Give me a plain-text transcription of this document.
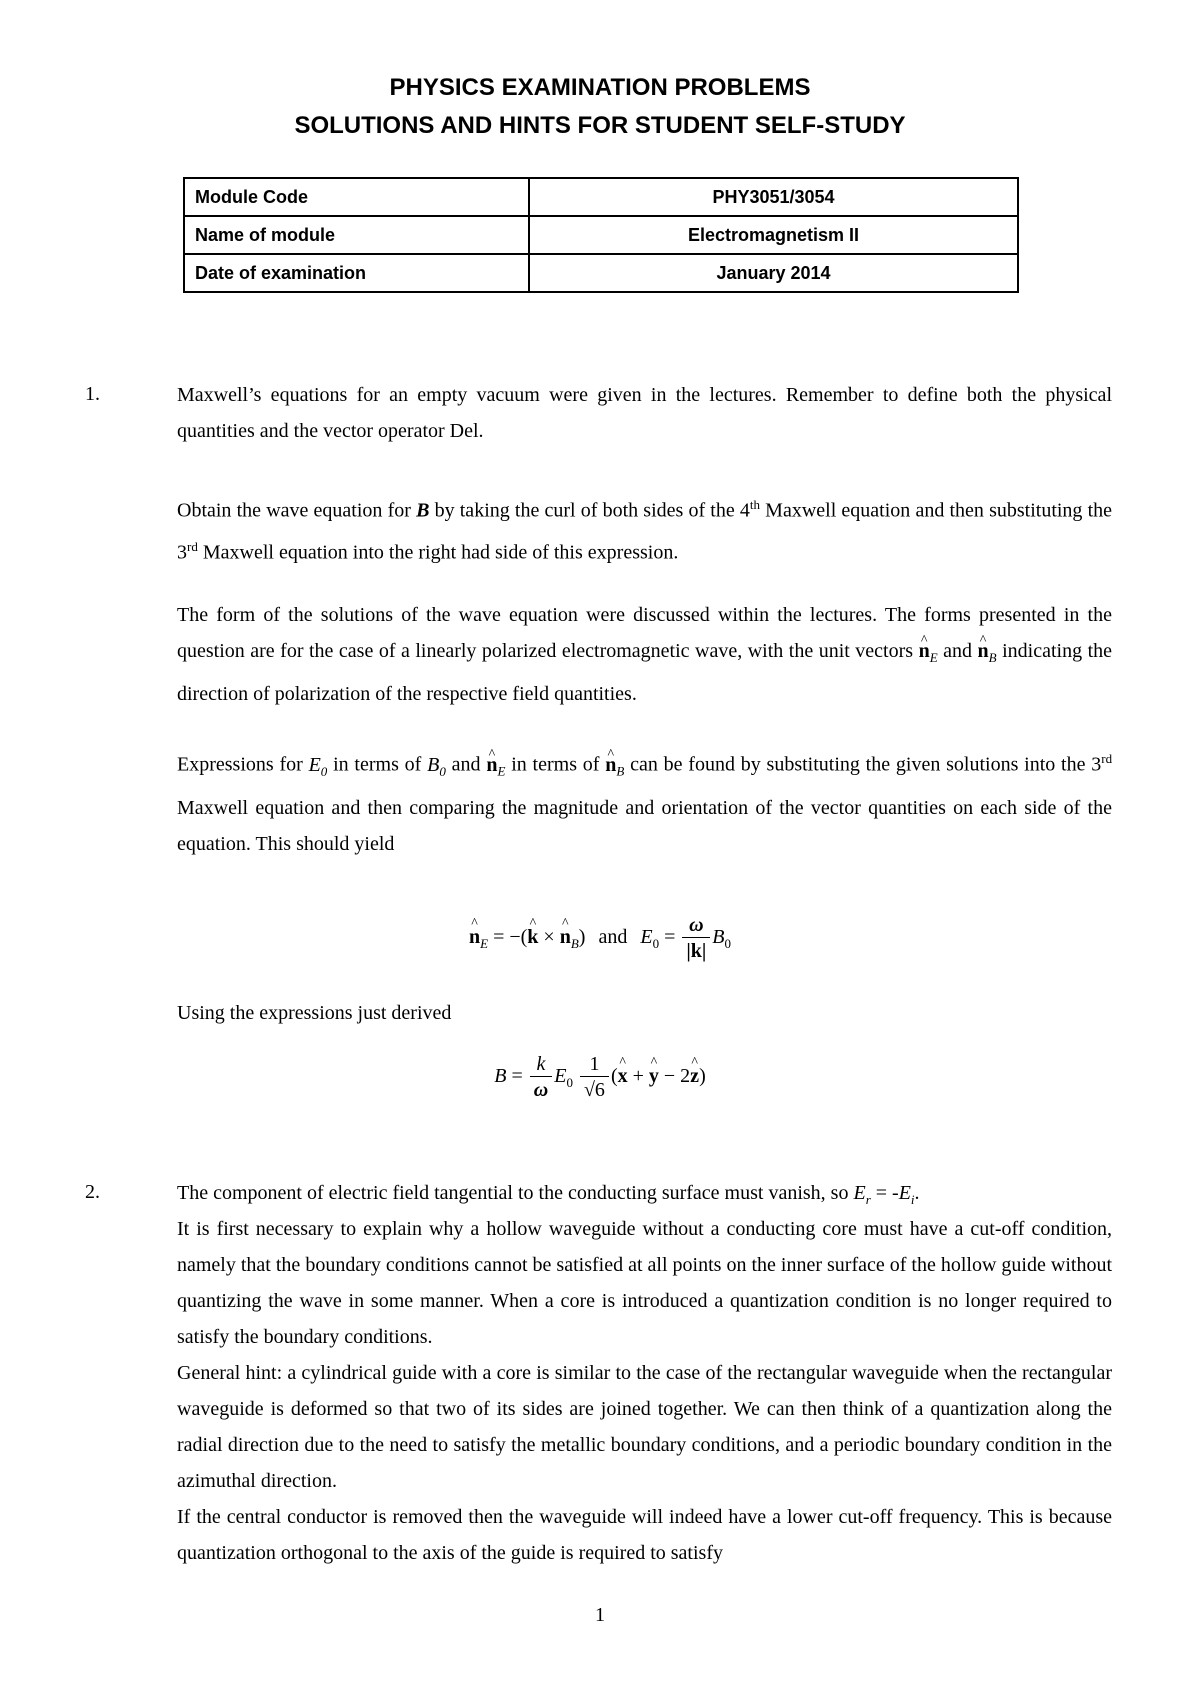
PHYSICS EXAMINATION PROBLEMS
SOLUTIONS AND HINTS FOR STUDENT SELF-STUDY
Module Code	PHY3051/3054
Name of module	Electromagnetism II
Date of examination	January 2014
1.	Maxwell’s equations for an empty vacuum were given in the lectures. Remember to define both the physical quantities and the vector operator Del.

Obtain the wave equation for B by taking the curl of both sides of the 4th Maxwell equation and then substituting the 3rd Maxwell equation into the right had side of this expression.

The form of the solutions of the wave equation were discussed within the lectures. The forms presented in the question are for the case of a linearly polarized electromagnetic wave, with the unit vectors ^ $n_E$ and ^ $n_B$ indicating the direction of polarization of the respective field quantities.

Expressions for $E_0$ in terms of $B_0$ and ^ $n_E$ in terms of ^ $n_B$ can be found by substituting the given solutions into the 3rd Maxwell equation and then comparing the magnitude and orientation of the vector quantities on each side of the equation. This should yield

^ $n_E$ = −(^ k × ^ $n_B$) and $E_0 = \frac{\omega}{|k|} B_0$

Using the expressions just derived

$B = \frac{k}{\omega} E_0 \frac{1}{√6}$ (^ x + ^ y − 2^ z)
2.	The component of electric field tangential to the conducting surface must vanish, so $E_r = -E_i$.

It is first necessary to explain why a hollow waveguide without a conducting core must have a cut-off condition, namely that the boundary conditions cannot be satisfied at all points on the inner surface of the hollow guide without quantizing the wave in some manner. When a core is introduced a quantization condition is no longer required to satisfy the boundary conditions.

General hint: a cylindrical guide with a core is similar to the case of the rectangular waveguide when the rectangular waveguide is deformed so that two of its sides are joined together. We can then think of a quantization along the radial direction due to the need to satisfy the metallic boundary conditions, and a periodic boundary condition in the azimuthal direction.

If the central conductor is removed then the waveguide will indeed have a lower cut-off frequency. This is because quantization orthogonal to the axis of the guide is required to satisfy

1
